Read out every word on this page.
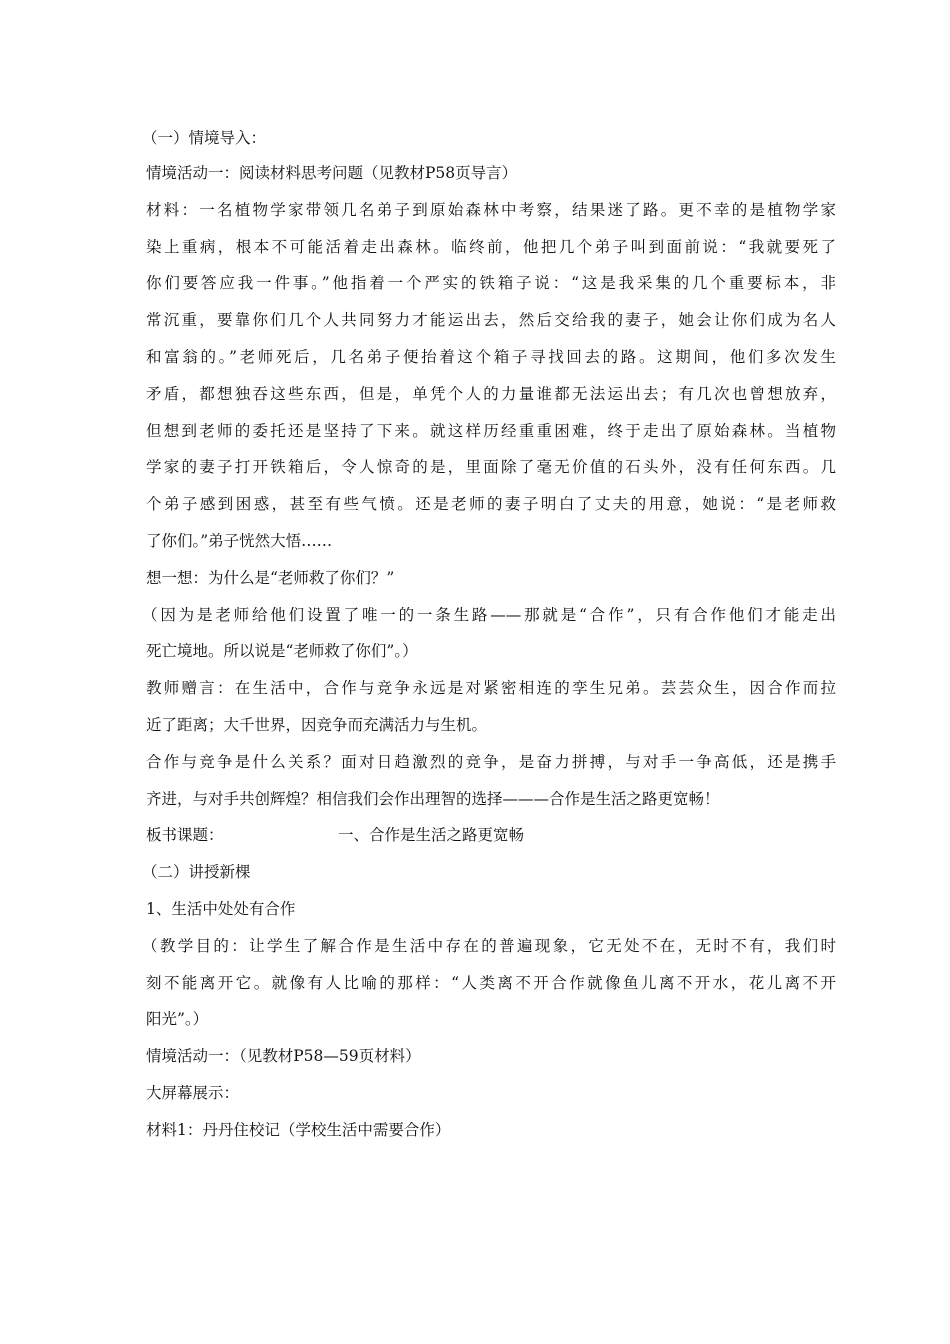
（一）情境导入：
情境活动一：阅读材料思考问题（见教材P58页导言）
材料：一名植物学家带领几名弟子到原始森林中考察，结果迷了路。更不幸的是植物学家
染上重病，根本不可能活着走出森林。临终前，他把几个弟子叫到面前说：“我就要死了
你们要答应我一件事。”他指着一个严实的铁箱子说：“这是我采集的几个重要标本，非
常沉重，要靠你们几个人共同努力才能运出去，然后交给我的妻子，她会让你们成为名人
和富翁的。”老师死后，几名弟子便抬着这个箱子寻找回去的路。这期间，他们多次发生
矛盾，都想独吞这些东西，但是，单凭个人的力量谁都无法运出去；有几次也曾想放弃，
但想到老师的委托还是坚持了下来。就这样历经重重困难，终于走出了原始森林。当植物
学家的妻子打开铁箱后，令人惊奇的是，里面除了毫无价值的石头外，没有任何东西。几
个弟子感到困惑，甚至有些气愤。还是老师的妻子明白了丈夫的用意，她说：“是老师救
了你们。”弟子恍然大悟……
想一想：为什么是“老师救了你们？”
（因为是老师给他们设置了唯一的一条生路——那就是“合作”，只有合作他们才能走出
死亡境地。所以说是“老师救了你们”。）
教师赠言：在生活中，合作与竞争永远是对紧密相连的孪生兄弟。芸芸众生，因合作而拉
近了距离；大千世界，因竞争而充满活力与生机。
合作与竞争是什么关系？面对日趋激烈的竞争，是奋力拼搏，与对手一争高低，还是携手
齐进，与对手共创辉煌？相信我们会作出理智的选择———合作是生活之路更宽畅！
板书课题：	一、合作是生活之路更宽畅
（二）讲授新棵
1、生活中处处有合作
（教学目的：让学生了解合作是生活中存在的普遍现象，它无处不在，无时不有，我们时
刻不能离开它。就像有人比喻的那样：“人类离不开合作就像鱼儿离不开水，花儿离不开
阳光”。）
情境活动一：（见教材P58—59页材料）
大屏幕展示：
材料1：丹丹住校记（学校生活中需要合作）
